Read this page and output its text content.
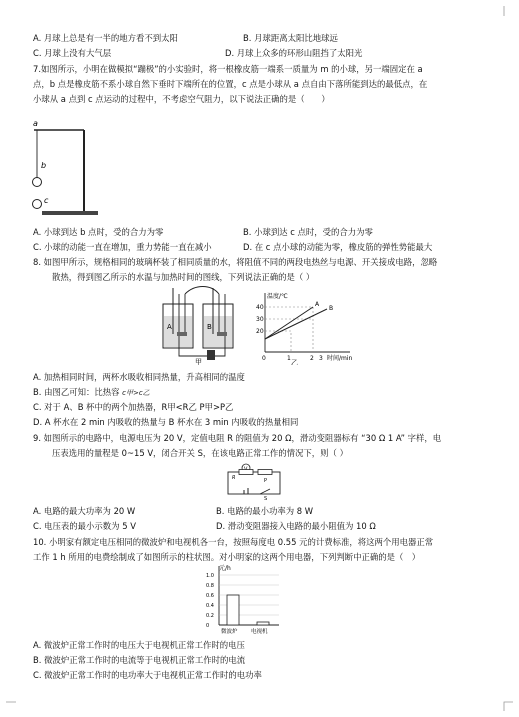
A. 月球上总是有一半的地方看不到太阳	B. 月球距离太阳比地球远
C. 月球上没有大气层	D. 月球上众多的环形山阻挡了太阳光
7.如图所示，小明在做模拟“蹦极”的小实验时，将一根橡皮筋一端系一质量为 m 的小球，另一端固定在 a
点，b 点是橡皮筋不系小球自然下垂时下端所在的位置，c 点是小球从 a 点自由下落所能到达的最低点，在
小球从 a 点到 c 点运动的过程中，不考虑空气阻力，以下说法正确的是（　　）
a
b
c
A. 小球到达 b 点时，受的合力为零	B. 小球到达 c 点时，受的合力为零
C. 小球的动能一直在增加，重力势能一直在减小	D. 在 c 点小球的动能为零，橡皮筋的弹性势能最大
8. 如图甲所示，规格相同的玻璃杯装了相同质量的水，将阻值不同的两段电热丝与电源、开关接成电路，忽略
散热，得到图乙所示的水温与加热时间的图线，下列说法正确的是（ ）
A	B
甲
温度/℃
40
30
20
A
B
0	1	2 3 时间/min
乙
A. 加热相同时间，两杯水吸收相同热量，升高相同的温度
B. 由图乙可知：比热容 c甲>c乙
C. 对于 A、B 杯中的两个加热器，R甲<R乙 P甲>P乙
D. A 杯水在 2 min 内吸收的热量与 B 杯水在 3 min 内吸收的热量相同
9. 如图所示的电路中，电源电压为 20 V，定值电阻 R 的阻值为 20 Ω，滑动变阻器标有 “30 Ω 1 A” 字样，电
压表选用的量程是 0~15 V，闭合开关 S，在该电路正常工作的情况下，则（ ）
R	P
S
A. 电路的最大功率为 20 W	B. 电路的最小功率为 8 W
C. 电压表的最小示数为 5 V	D. 滑动变阻器接入电路的最小阻值为 10 Ω
10. 小明家有额定电压相同的微波炉和电视机各一台，按照每度电 0.55 元的计费标准，将这两个用电器正常
工作 1 h 所用的电费绘制成了如图所示的柱状图。对小明家的这两个用电器，下列判断中正确的是（　）
元/h
1.0
0.8
0.6
0.4
0.2
0
微波炉 电视机
A. 微波炉正常工作时的电压大于电视机正常工作时的电压
B. 微波炉正常工作时的电流等于电视机正常工作时的电流
C. 微波炉正常工作时的电功率大于电视机正常工作时的电功率
